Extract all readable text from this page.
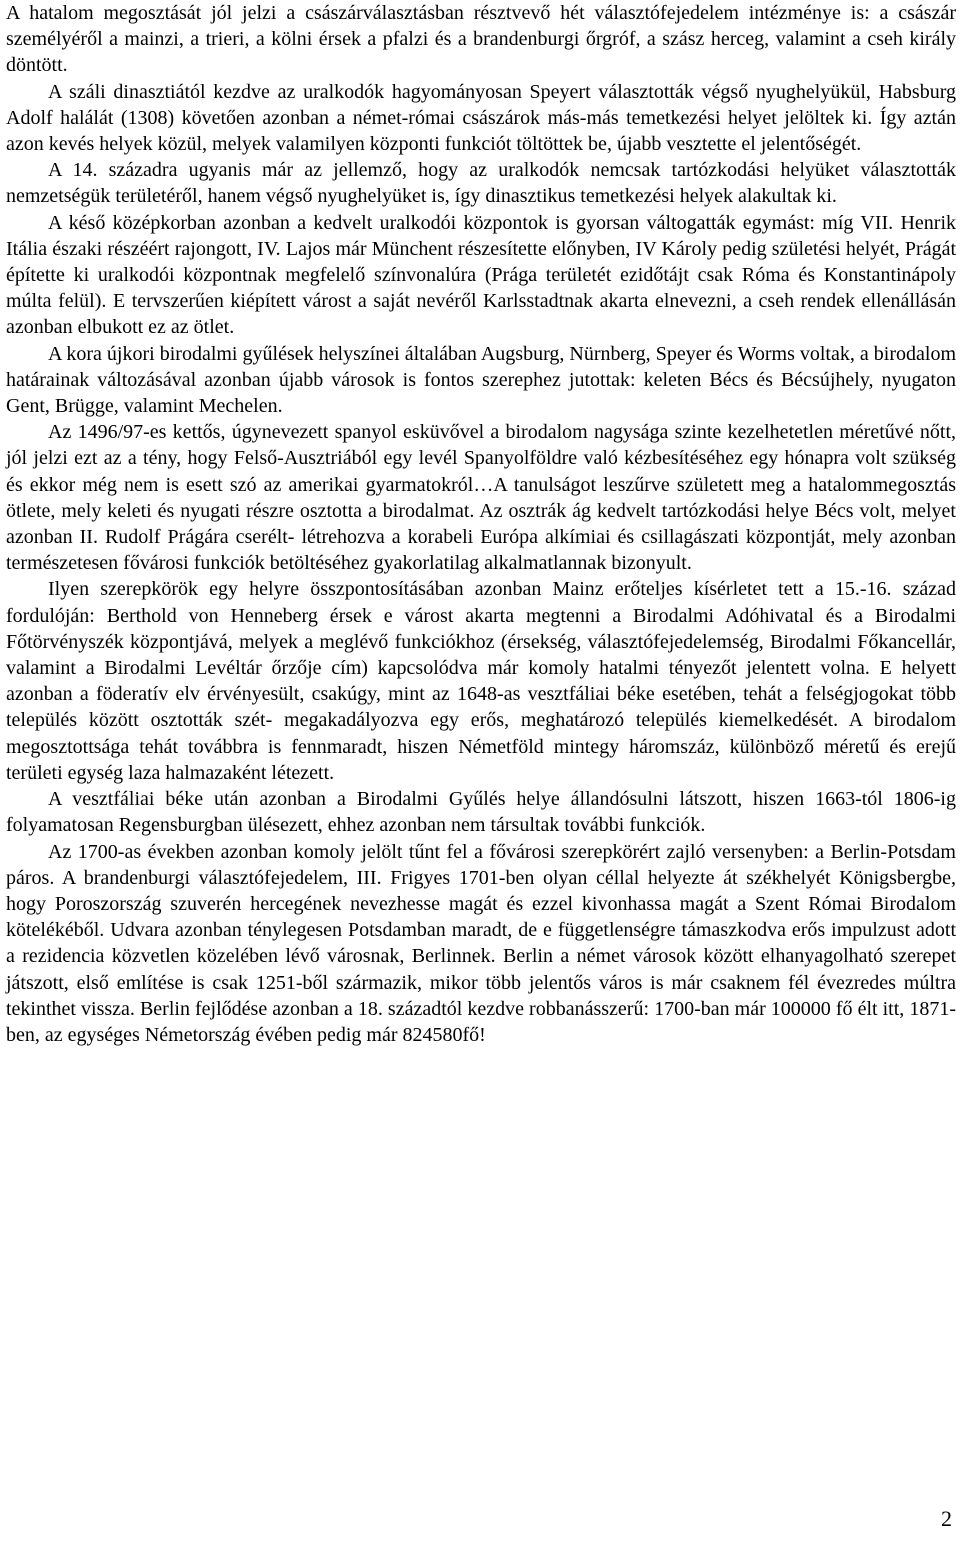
A hatalom megosztását jól jelzi a császárválasztásban résztvevő hét választófejedelem intézménye is: a császár személyéről a mainzi, a trieri, a kölni érsek a pfalzi és a brandenburgi őrgróf, a szász herceg, valamint a cseh király döntött.

A száli dinasztiától kezdve az uralkodók hagyományosan Speyert választották végső nyughelyükül, Habsburg Adolf halálát (1308) követően azonban a német-római császárok más-más temetkezési helyet jelöltek ki. Így aztán azon kevés helyek közül, melyek valamilyen központi funkciót töltöttek be, újabb vesztette el jelentőségét.

A 14. századra ugyanis már az jellemző, hogy az uralkodók nemcsak tartózkodási helyüket választották nemzetségük területéről, hanem végső nyughelyüket is, így dinasztikus temetkezési helyek alakultak ki.

A késő középkorban azonban a kedvelt uralkodói központok is gyorsan váltogatták egymást: míg VII. Henrik Itália északi részéért rajongott, IV. Lajos már Münchent részesítette előnyben, IV Károly pedig születési helyét, Prágát építette ki uralkodói központnak megfelelő színvonalúra (Prága területét ezidőtájt csak Róma és Konstantinápoly múlta felül). E tervszerűen kiépített várost a saját nevéről Karlsstadtnak akarta elnevezni, a cseh rendek ellenállásán azonban elbukott ez az ötlet.

A kora újkori birodalmi gyűlések helyszínei általában Augsburg, Nürnberg, Speyer és Worms voltak, a birodalom határainak változásával azonban újabb városok is fontos szerephez jutottak: keleten Bécs és Bécsújhely, nyugaton Gent, Brügge, valamint Mechelen.

Az 1496/97-es kettős, úgynevezett spanyol esküvővel a birodalom nagysága szinte kezelhetetlen méretűvé nőtt, jól jelzi ezt az a tény, hogy Felső-Ausztriából egy levél Spanyolföldre való kézbesítéséhez egy hónapra volt szükség és ekkor még nem is esett szó az amerikai gyarmatokról…A tanulságot leszűrve született meg a hatalommegosztás ötlete, mely keleti és nyugati részre osztotta a birodalmat. Az osztrák ág kedvelt tartózkodási helye Bécs volt, melyet azonban II. Rudolf Prágára cserélt- létrehozva a korabeli Európa alkímiai és csillagászati központját, mely azonban természetesen fővárosi funkciók betöltéséhez gyakorlatilag alkalmatlannak bizonyult.

Ilyen szerepkörök egy helyre összpontosításában azonban Mainz erőteljes kísérletet tett a 15.-16. század fordulóján: Berthold von Henneberg érsek e várost akarta megtenni a Birodalmi Adóhivatal és a Birodalmi Főtörvényszék központjává, melyek a meglévő funkciókhoz (érsekség, választófejedelemség, Birodalmi Főkancellár, valamint a Birodalmi Levéltár őrzője cím) kapcsolódva már komoly hatalmi tényezőt jelentett volna. E helyett azonban a föderatív elv érvényesült, csakúgy, mint az 1648-as vesztfáliai béke esetében, tehát a felségjogokat több település között osztották szét- megakadályozva egy erős, meghatározó település kiemelkedését. A birodalom megosztottsága tehát továbbra is fennmaradt, hiszen Németföld mintegy háromszáz, különböző méretű és erejű területi egység laza halmazaként létezett.

A vesztfáliai béke után azonban a Birodalmi Gyűlés helye állandósulni látszott, hiszen 1663-tól 1806-ig folyamatosan Regensburgban ülésezett, ehhez azonban nem társultak további funkciók.

Az 1700-as években azonban komoly jelölt tűnt fel a fővárosi szerepkörért zajló versenyben: a Berlin-Potsdam páros. A brandenburgi választófejedelem, III. Frigyes 1701-ben olyan céllal helyezte át székhelyét Königsbergbe, hogy Poroszország szuverén hercegének nevezhesse magát és ezzel kivonhassa magát a Szent Római Birodalom kötelékéből. Udvara azonban ténylegesen Potsdamban maradt, de e függetlenségre támaszkodva erős impulzust adott a rezidencia közvetlen közelében lévő városnak, Berlinnek. Berlin a német városok között elhanyagolható szerepet játszott, első említése is csak 1251-ből származik, mikor több jelentős város is már csaknem fél évezredes múltra tekinthet vissza. Berlin fejlődése azonban a 18. századtól kezdve robbanásszerű: 1700-ban már 100000 fő élt itt, 1871-ben, az egységes Németország évében pedig már 824580fő!

2
